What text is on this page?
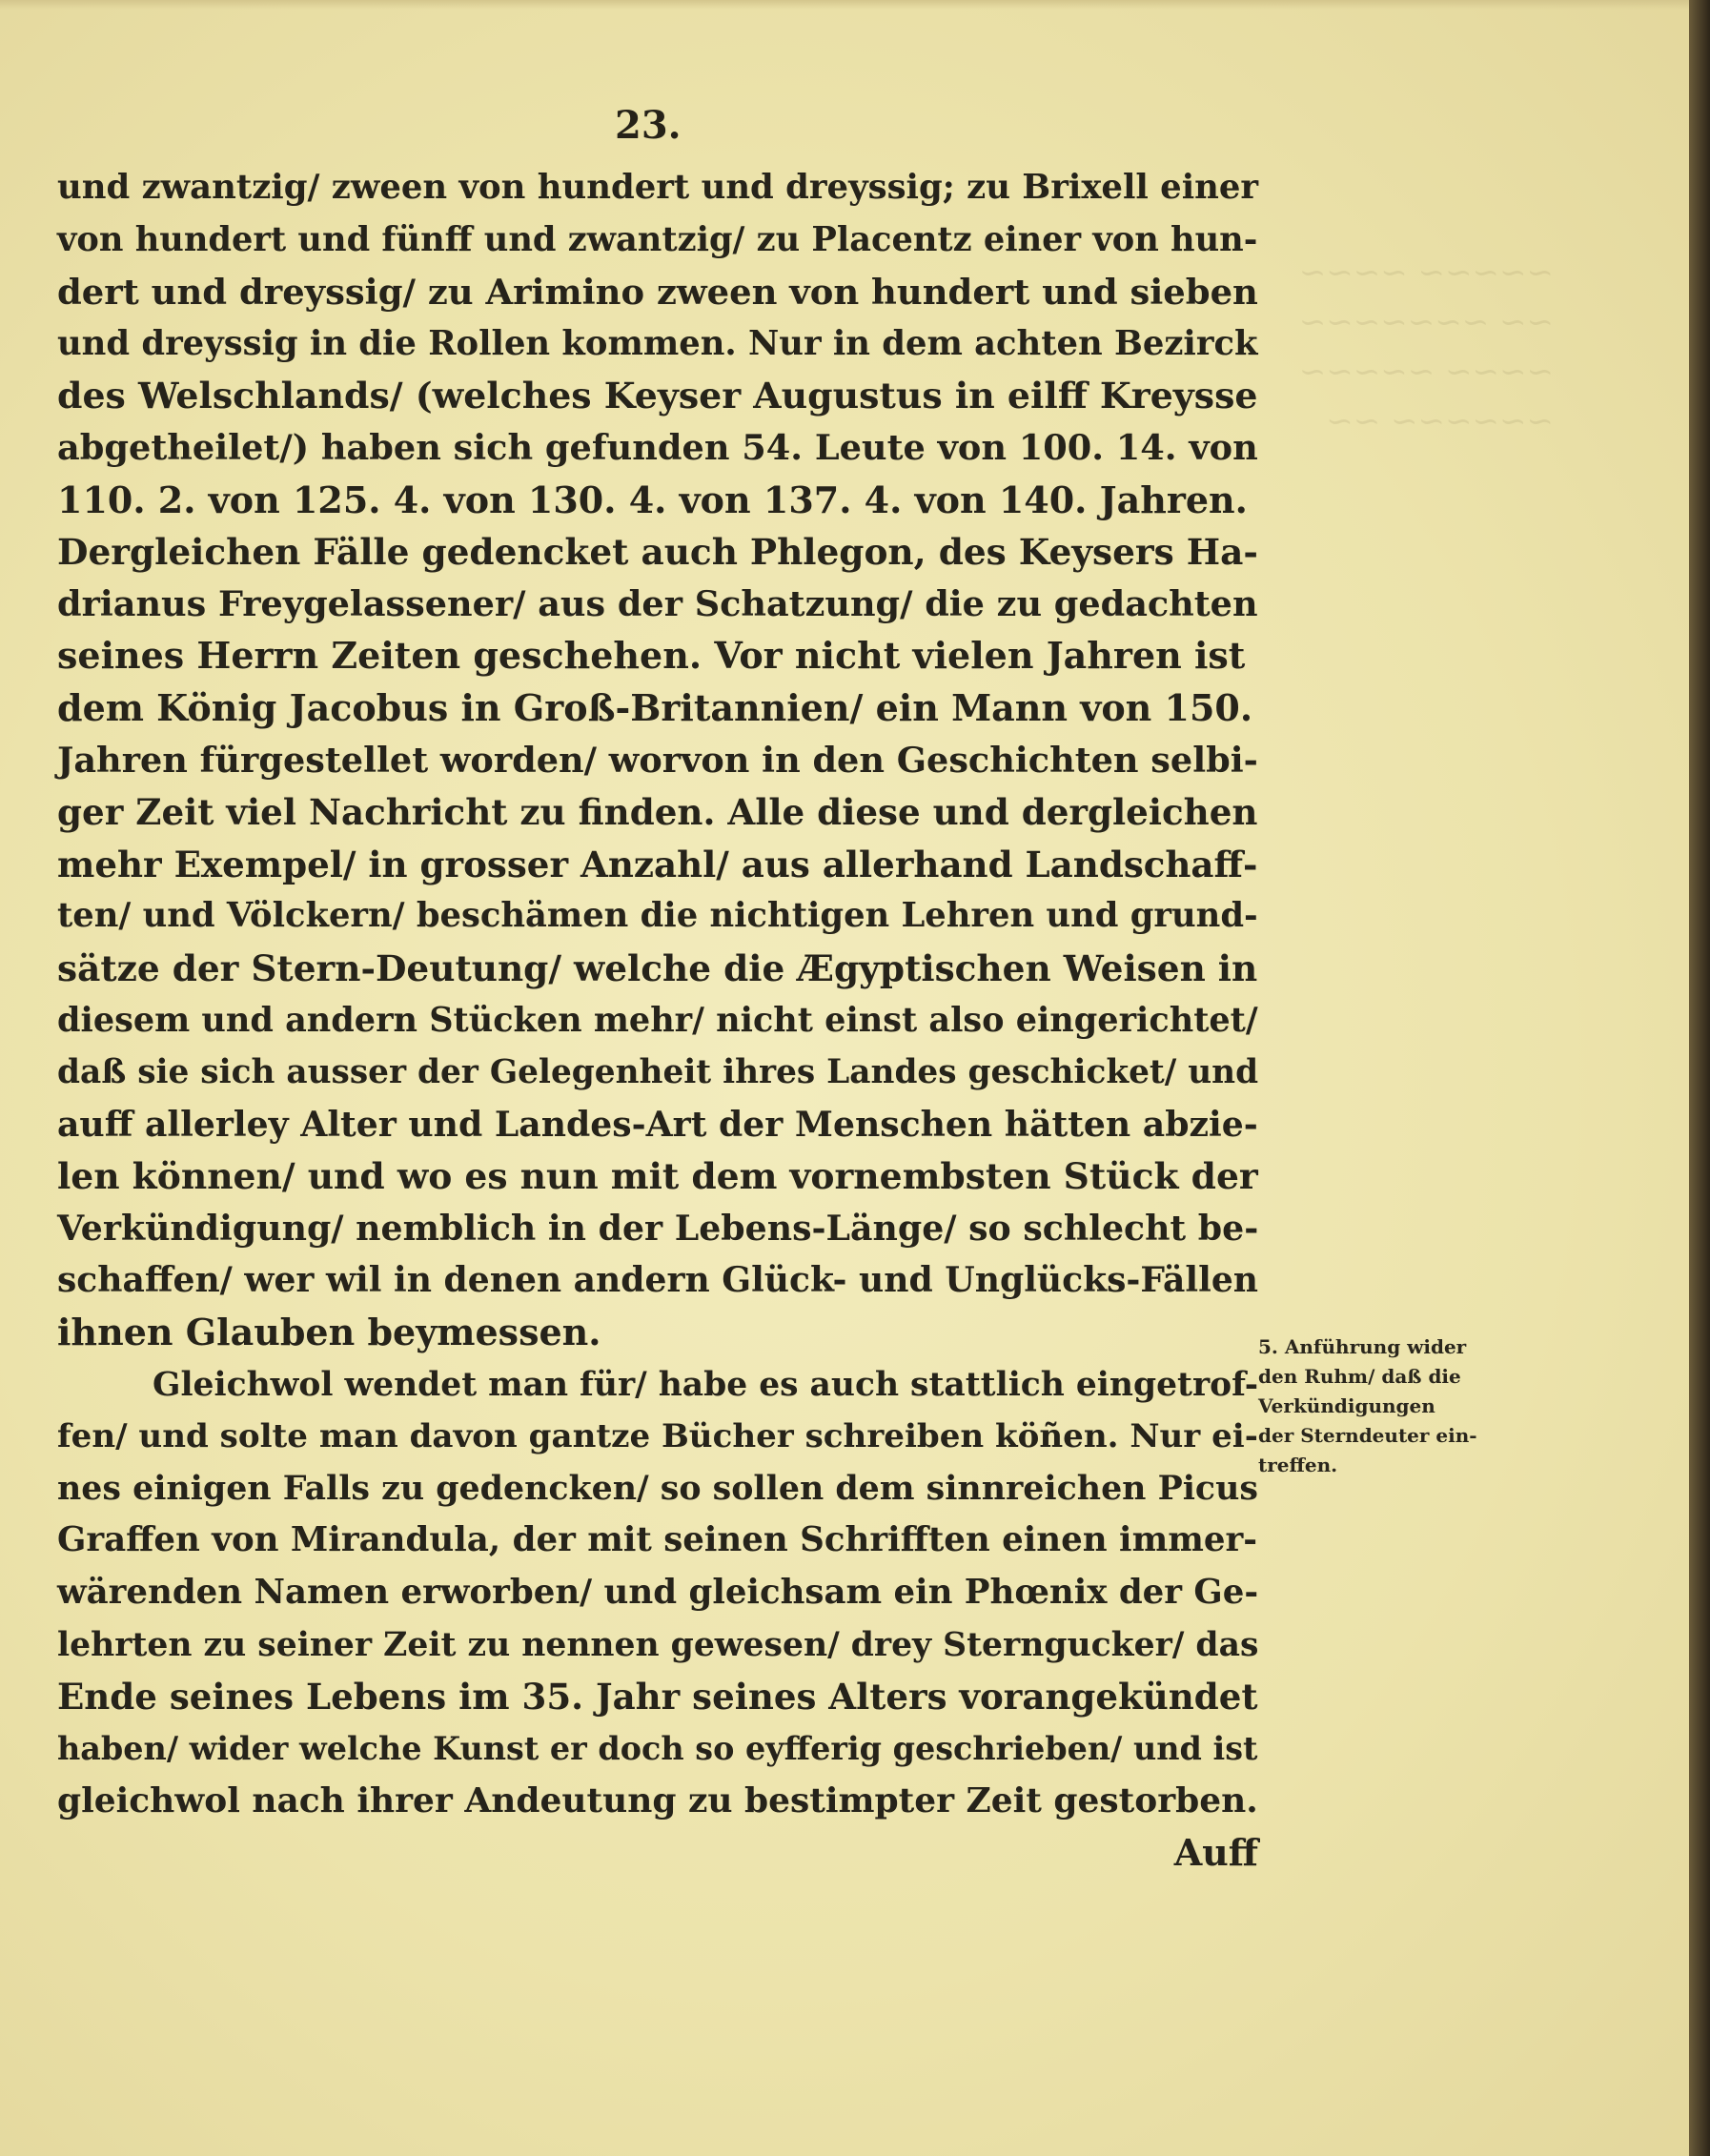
~~~~~ ~~~~
~~ ~~~~~~~
~~~~ ~~~~~
~~~~~~ ~~
23.
und zwantzig/ zween von hundert und dreyssig; zu Brixell einer
von hundert und fünff und zwantzig/ zu Placentz einer von hun-
dert und dreyssig/ zu Arimino zween von hundert und sieben
und dreyssig in die Rollen kommen. Nur in dem achten Bezirck
des Welschlands/ (welches Keyser Augustus in eilff Kreysse
abgetheilet/) haben sich gefunden 54. Leute von 100. 14. von
110. 2. von 125. 4. von 130. 4. von 137. 4. von 140. Jahren.
Dergleichen Fälle gedencket auch Phlegon, des Keysers Ha-
drianus Freygelassener/ aus der Schatzung/ die zu gedachten
seines Herrn Zeiten geschehen. Vor nicht vielen Jahren ist
dem König Jacobus in Groß-Britannien/ ein Mann von 150.
Jahren fürgestellet worden/ worvon in den Geschichten selbi-
ger Zeit viel Nachricht zu finden. Alle diese und dergleichen
mehr Exempel/ in grosser Anzahl/ aus allerhand Landschaff-
ten/ und Völckern/ beschämen die nichtigen Lehren und grund-
sätze der Stern-Deutung/ welche die Ægyptischen Weisen in
diesem und andern Stücken mehr/ nicht einst also eingerichtet/
daß sie sich ausser der Gelegenheit ihres Landes geschicket/ und
auff allerley Alter und Landes-Art der Menschen hätten abzie-
len können/ und wo es nun mit dem vornembsten Stück der
Verkündigung/ nemblich in der Lebens-Länge/ so schlecht be-
schaffen/ wer wil in denen andern Glück- und Unglücks-Fällen
ihnen Glauben beymessen.
Gleichwol wendet man für/ habe es auch stattlich eingetrof-
fen/ und solte man davon gantze Bücher schreiben köñen. Nur ei-
nes einigen Falls zu gedencken/ so sollen dem sinnreichen Picus
Graffen von Mirandula, der mit seinen Schrifften einen immer-
wärenden Namen erworben/ und gleichsam ein Phœnix der Ge-
lehrten zu seiner Zeit zu nennen gewesen/ drey Sterngucker/ das
Ende seines Lebens im 35. Jahr seines Alters vorangekündet
haben/ wider welche Kunst er doch so eyfferig geschrieben/ und ist
gleichwol nach ihrer Andeutung zu bestimpter Zeit gestorben.
Auff
5. Anführung wider
den Ruhm/ daß die
Verkündigungen
der Sterndeuter ein-
treffen.
